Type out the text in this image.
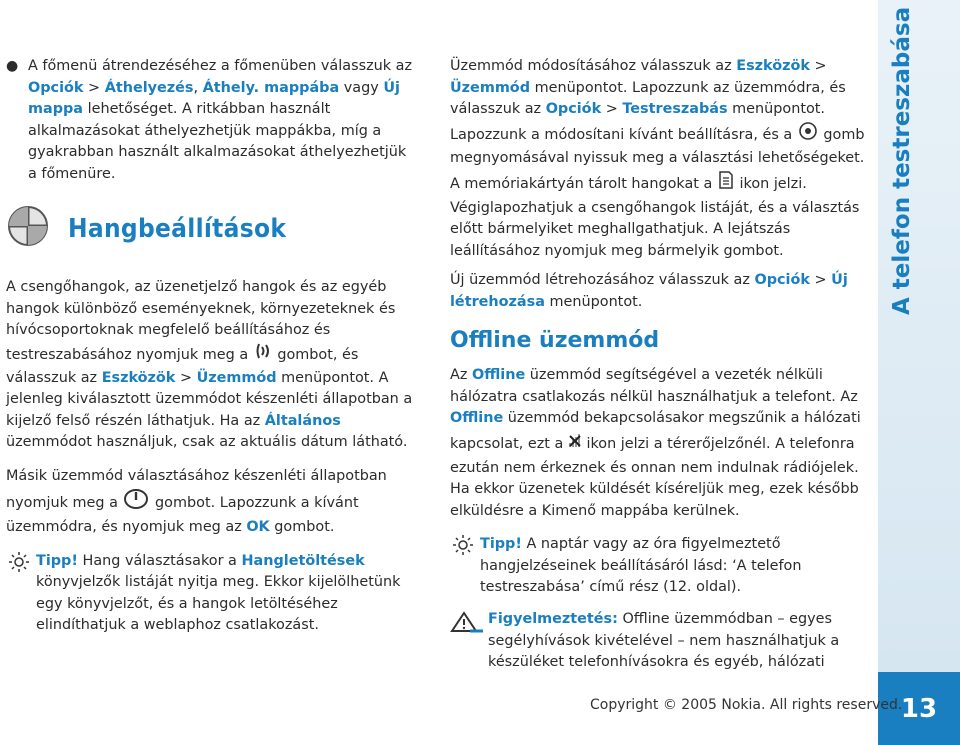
● A főmenü átrendezéséhez a főmenüben válasszuk az Opciók > Áthelyezés, Áthely. mappába vagy Új mappa lehetőséget. A ritkábban használt alkalmazásokat áthelyezhetjük mappákba, míg a gyakrabban használt alkalmazásokat áthelyezhetjük a főmenüre.

Hangbeállítások

A csengőhangok, az üzenetjelző hangok és az egyéb hangok különböző eseményeknek, környezeteknek és hívócsoportoknak megfelelő beállításához és testreszabásához nyomjuk meg a  gombot, és válasszuk az Eszközök > Üzemmód menüpontot. A jelenleg kiválasztott üzemmódot készenléti állapotban a kijelző felső részén láthatjuk. Ha az Általános üzemmódot használjuk, csak az aktuális dátum látható.

Másik üzemmód választásához készenléti állapotban nyomjuk meg a  gombot. Lapozzunk a kívánt üzemmódra, és nyomjuk meg az OK gombot.

Tipp! Hang választásakor a Hangletöltések könyvjelzők listáját nyitja meg. Ekkor kijelölhetünk egy könyvjelzőt, és a hangok letöltéséhez elindíthatjuk a weblaphoz csatlakozást.

Üzemmód módosításához válasszuk az Eszközök > Üzemmód menüpontot. Lapozzunk az üzemmódra, és válasszuk az Opciók > Testreszabás menüpontot. Lapozzunk a módosítani kívánt beállításra, és a  gomb megnyomásával nyissuk meg a választási lehetőségeket. A memóriakártyán tárolt hangokat a  ikon jelzi. Végiglapozhatjuk a csengőhangok listáját, és a választás előtt bármelyiket meghallgathatjuk. A lejátszás leállításához nyomjuk meg bármelyik gombot.

Új üzemmód létrehozásához válasszuk az Opciók > Új létrehozása menüpontot.

Offline üzemmód

Az Offline üzemmód segítségével a vezeték nélküli hálózatra csatlakozás nélkül használhatjuk a telefont. Az Offline üzemmód bekapcsolásakor megszűnik a hálózati kapcsolat, ezt a  ikon jelzi a térerőjelzőnél. A telefonra ezután nem érkeznek és onnan nem indulnak rádiójelek. Ha ekkor üzenetek küldését kíséreljük meg, ezek később elküldésre a Kimenő mappába kerülnek.

Tipp! A naptár vagy az óra figyelmeztető hangjelzéseinek beállításáról lásd: ‘A telefon testreszabása’ című rész (12. oldal).

Figyelmeztetés: Offline üzemmódban – egyes segélyhívások kivételével – nem használhatjuk a készüléket telefonhívásokra és egyéb, hálózati

A telefon testreszabása
13
Copyright © 2005 Nokia. All rights reserved.
